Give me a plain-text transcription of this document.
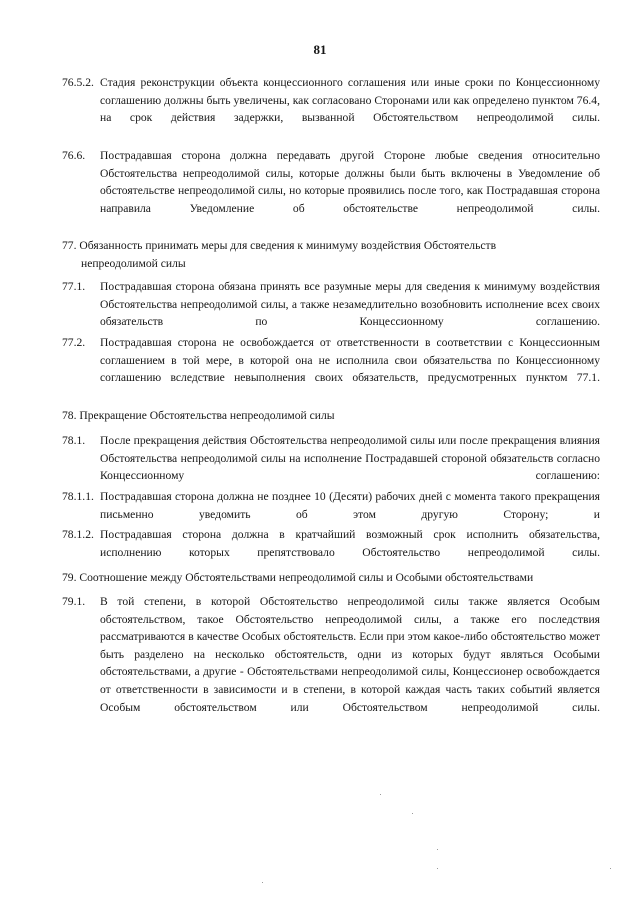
81
76.5.2. Стадия реконструкции объекта концессионного соглашения или иные сроки по Концессионному соглашению должны быть увеличены, как согласовано Сторонами или как определено пунктом 76.4, на срок действия задержки, вызванной Обстоятельством непреодолимой силы.
76.6. Пострадавшая сторона должна передавать другой Стороне любые сведения относительно Обстоятельства непреодолимой силы, которые должны были быть включены в Уведомление об обстоятельстве непреодолимой силы, но которые проявились после того, как Пострадавшая сторона направила Уведомление об обстоятельстве непреодолимой силы.
77. Обязанность принимать меры для сведения к минимуму воздействия Обстоятельств
непреодолимой силы
77.1. Пострадавшая сторона обязана принять все разумные меры для сведения к минимуму воздействия Обстоятельства непреодолимой силы, а также незамедлительно возобновить исполнение всех своих обязательств по Концессионному соглашению.
77.2. Пострадавшая сторона не освобождается от ответственности в соответствии с Концессионным соглашением в той мере, в которой она не исполнила свои обязательства по Концессионному соглашению вследствие невыполнения своих обязательств, предусмотренных пунктом 77.1.
78. Прекращение Обстоятельства непреодолимой силы
78.1. После прекращения действия Обстоятельства непреодолимой силы или после прекращения влияния Обстоятельства непреодолимой силы на исполнение Пострадавшей стороной обязательств согласно Концессионному соглашению:
78.1.1. Пострадавшая сторона должна не позднее 10 (Десяти) рабочих дней с момента такого прекращения письменно уведомить об этом другую Сторону; и
78.1.2. Пострадавшая сторона должна в кратчайший возможный срок исполнить обязательства, исполнению которых препятствовало Обстоятельство непреодолимой силы.
79. Соотношение между Обстоятельствами непреодолимой силы и Особыми обстоятельствами
79.1. В той степени, в которой Обстоятельство непреодолимой силы также является Особым обстоятельством, такое Обстоятельство непреодолимой силы, а также его последствия рассматриваются в качестве Особых обстоятельств. Если при этом какое-либо обстоятельство может быть разделено на несколько обстоятельств, одни из которых будут являться Особыми обстоятельствами, а другие - Обстоятельствами непреодолимой силы, Концессионер освобождается от ответственности в зависимости и в степени, в которой каждая часть таких событий является Особым обстоятельством или Обстоятельством непреодолимой силы.
